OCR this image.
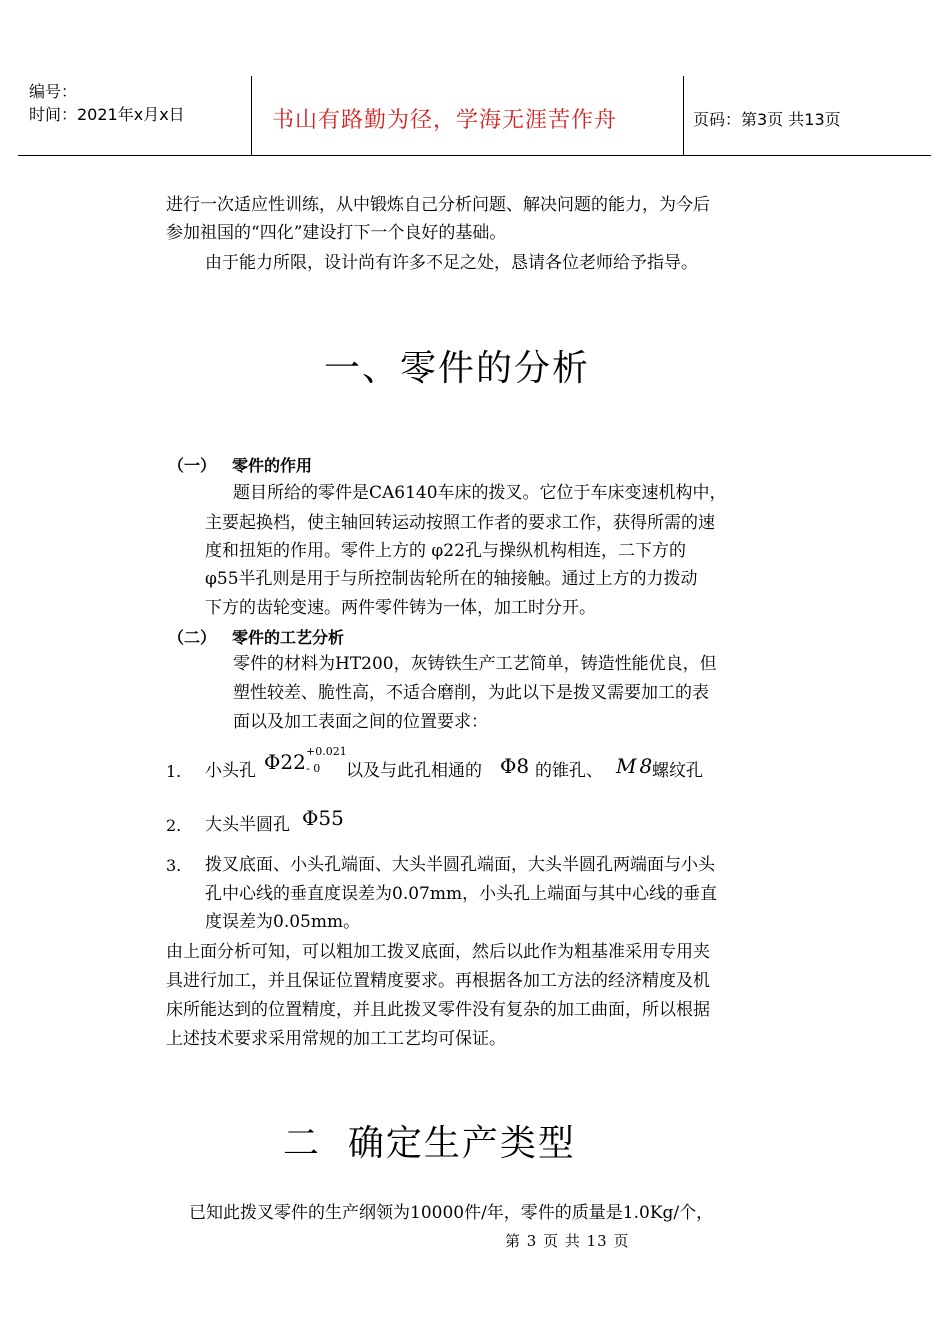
编号：
时间：2021年x月x日	书山有路勤为径，学海无涯苦作舟	页码：第3页 共13页
进行一次适应性训练，从中锻炼自己分析问题、解决问题的能力，为今后
参加祖国的“四化”建设打下一个良好的基础。
由于能力所限，设计尚有许多不足之处，恳请各位老师给予指导。
一、零件的分析
（一） 零件的作用
题目所给的零件是CA6140车床的拨叉。它位于车床变速机构中，
主要起换档，使主轴回转运动按照工作者的要求工作，获得所需的速
度和扭矩的作用。零件上方的 φ22孔与操纵机构相连，二下方的
φ55半孔则是用于与所控制齿轮所在的轴接触。通过上方的力拨动
下方的齿轮变速。两件零件铸为一体，加工时分开。
（二） 零件的工艺分析
零件的材料为HT200，灰铸铁生产工艺简单，铸造性能优良，但
塑性较差、脆性高，不适合磨削，为此以下是拨叉需要加工的表
面以及加工表面之间的位置要求：
1. 小头孔 Φ22 +0.021
- 0 以及与此孔相通的 Φ8 的锥孔、 M8
螺纹孔
2. 大头半圆孔 Φ55
3. 拨叉底面、小头孔端面、大头半圆孔端面，大头半圆孔两端面与小头
孔中心线的垂直度误差为0.07mm，小头孔上端面与其中心线的垂直
度误差为0.05mm。
由上面分析可知，可以粗加工拨叉底面，然后以此作为粗基准采用专用夹
具进行加工，并且保证位置精度要求。再根据各加工方法的经济精度及机
床所能达到的位置精度，并且此拨叉零件没有复杂的加工曲面，所以根据
上述技术要求采用常规的加工工艺均可保证。
二  确定生产类型
已知此拨叉零件的生产纲领为10000件/年，零件的质量是1.0Kg/个，
第 3 页 共 13 页
